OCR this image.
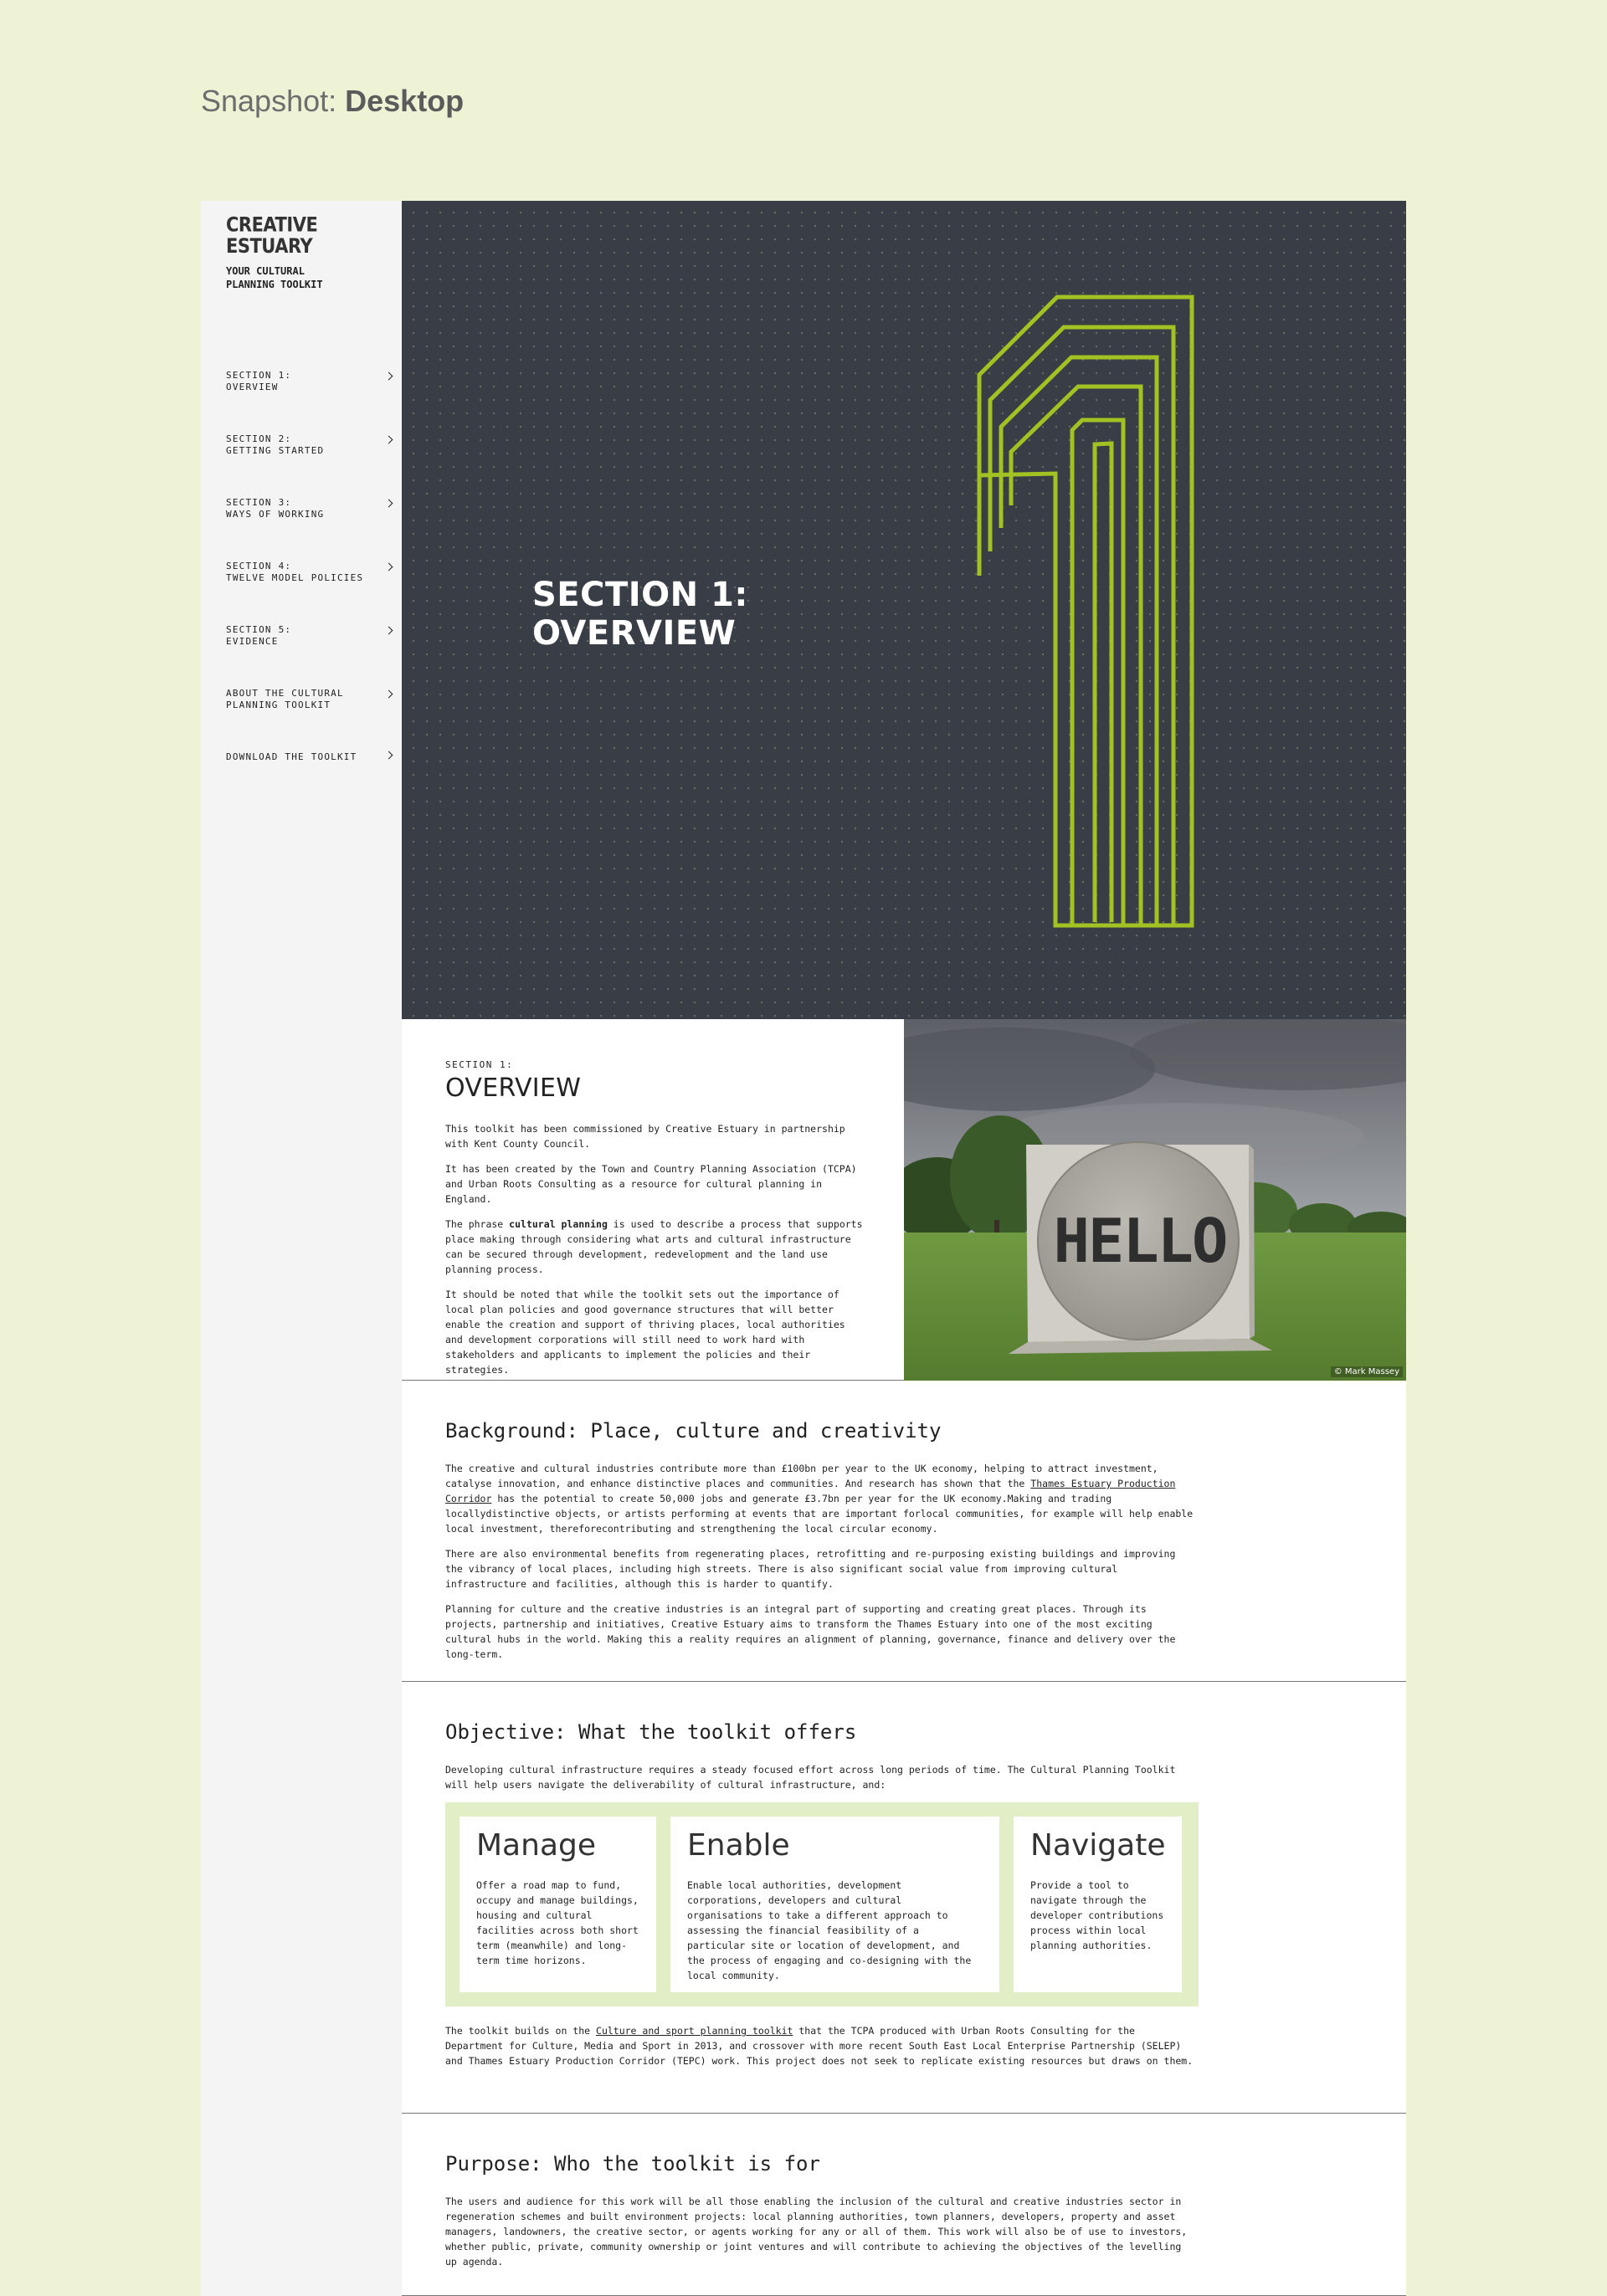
Snapshot: Desktop
CREATIVE
ESTUARY
YOUR CULTURAL
PLANNING TOOLKIT
SECTION 1:
OVERVIEW
SECTION 2:
GETTING STARTED
SECTION 3:
WAYS OF WORKING
SECTION 4:
TWELVE MODEL POLICIES
SECTION 5:
EVIDENCE
ABOUT THE CULTURAL
PLANNING TOOLKIT
DOWNLOAD THE TOOLKIT
SECTION 1:
OVERVIEW
SECTION 1:
OVERVIEW

This toolkit has been commissioned by Creative Estuary in partnership with Kent County Council.

It has been created by the Town and Country Planning Association (TCPA) and Urban Roots Consulting as a resource for cultural planning in England.

The phrase cultural planning is used to describe a process that supports place making through considering what arts and cultural infrastructure can be secured through development, redevelopment and the land use planning process.

It should be noted that while the toolkit sets out the importance of local plan policies and good governance structures that will better enable the creation and support of thriving places, local authorities and development corporations will still need to work hard with stakeholders and applicants to implement the policies and their strategies.

HELLO
© Mark Massey
Background: Place, culture and creativity

The creative and cultural industries contribute more than £100bn per year to the UK economy, helping to attract investment, catalyse innovation, and enhance distinctive places and communities. And research has shown that the Thames Estuary Production Corridor has the potential to create 50,000 jobs and generate £3.7bn per year for the UK economy.Making and trading locallydistinctive objects, or artists performing at events that are important forlocal communities, for example will help enable local investment, thereforecontributing and strengthening the local circular economy.

There are also environmental benefits from regenerating places, retrofitting and re-purposing existing buildings and improving the vibrancy of local places, including high streets. There is also significant social value from improving cultural infrastructure and facilities, although this is harder to quantify.

Planning for culture and the creative industries is an integral part of supporting and creating great places. Through its projects, partnership and initiatives, Creative Estuary aims to transform the Thames Estuary into one of the most exciting cultural hubs in the world. Making this a reality requires an alignment of planning, governance, finance and delivery over the long-term.

Objective: What the toolkit offers

Developing cultural infrastructure requires a steady focused effort across long periods of time. The Cultural Planning Toolkit will help users navigate the deliverability of cultural infrastructure, and:

Manage
Offer a road map to fund, occupy and manage buildings, housing and cultural facilities across both short term (meanwhile) and long-term time horizons.
Enable
Enable local authorities, development corporations, developers and cultural organisations to take a different approach to assessing the financial feasibility of a particular site or location of development, and the process of engaging and co-designing with the local community.
Navigate
Provide a tool to navigate through the developer contributions process within local planning authorities.

The toolkit builds on the Culture and sport planning toolkit that the TCPA produced with Urban Roots Consulting for the Department for Culture, Media and Sport in 2013, and crossover with more recent South East Local Enterprise Partnership (SELEP) and Thames Estuary Production Corridor (TEPC) work. This project does not seek to replicate existing resources but draws on them.

Purpose: Who the toolkit is for

The users and audience for this work will be all those enabling the inclusion of the cultural and creative industries sector in regeneration schemes and built environment projects: local planning authorities, town planners, developers, property and asset managers, landowners, the creative sector, or agents working for any or all of them. This work will also be of use to investors, whether public, private, community ownership or joint ventures and will contribute to achieving the objectives of the levelling up agenda.
